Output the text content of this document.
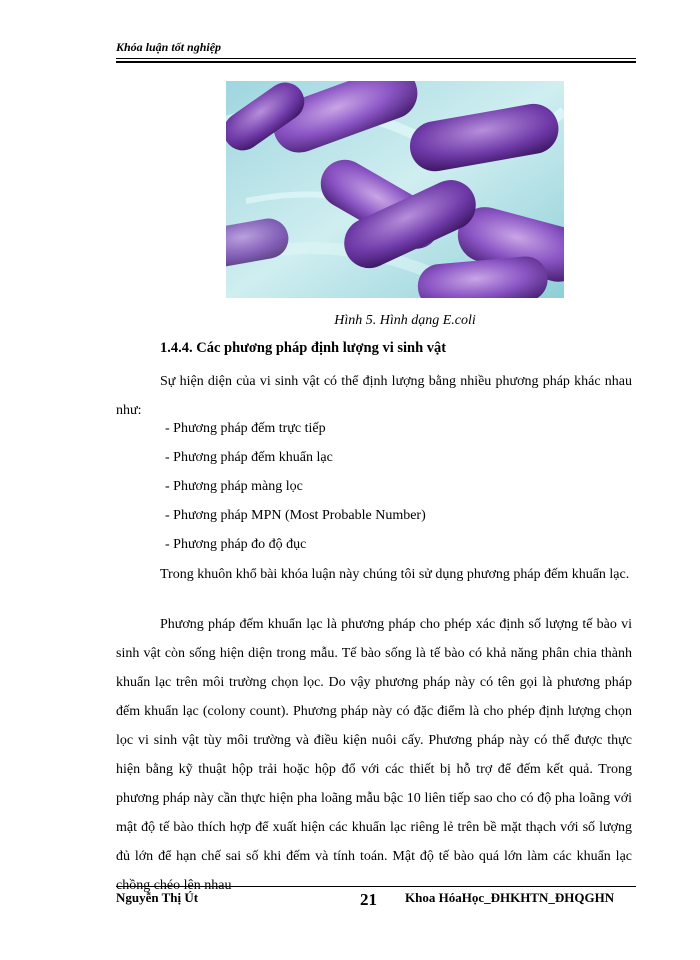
Khóa luận tốt nghiệp
Hình 5. Hình dạng E.coli
1.4.4. Các phương pháp định lượng vi sinh vật
Sự hiện diện của vi sinh vật có thể định lượng bằng nhiều phương pháp khác nhau như:
- Phương pháp đếm trực tiếp
- Phương pháp đếm khuẩn lạc
- Phương pháp màng lọc
- Phương pháp MPN (Most Probable Number)
- Phương pháp đo độ đục
Trong khuôn khổ bài khóa luận này chúng tôi sử dụng phương pháp đếm khuẩn lạc.
Phương pháp đếm khuẩn lạc là phương pháp cho phép xác định số lượng tế bào vi sinh vật còn sống hiện diện trong mẫu. Tế bào sống là tế bào có khả năng phân chia thành khuẩn lạc trên môi trường chọn lọc. Do vậy phương pháp này có tên gọi là phương pháp đếm khuẩn lạc (colony count). Phương pháp này có đặc điểm là cho phép định lượng chọn lọc vi sinh vật tùy môi trường và điều kiện nuôi cấy. Phương pháp này có thể được thực hiện bằng kỹ thuật hộp trải hoặc hộp đổ với các thiết bị hỗ trợ để đếm kết quả. Trong phương pháp này cần thực hiện pha loãng mẫu bậc 10 liên tiếp sao cho có độ pha loãng với mật độ tế bào thích hợp để xuất hiện các khuẩn lạc riêng lẻ trên bề mặt thạch với số lượng đủ lớn để hạn chế sai số khi đếm và tính toán. Mật độ tế bào quá lớn làm các khuẩn lạc chồng chéo lên nhau
Nguyễn Thị Út	21 Khoa HóaHọc_ĐHKHTN_ĐHQGHN
